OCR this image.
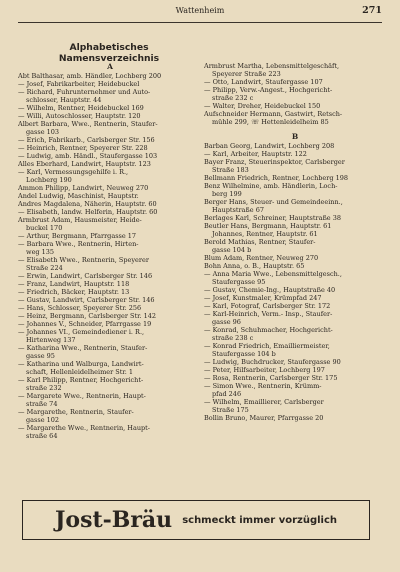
Wattenheim	271
Alphabetisches Namensverzeichnis
A
Abt Balthasar, amb. Händler, Lochberg 200
— Josef, Fabrikarbeiter, Heidebuckel
— Richard, Fuhrunternehmer und Auto-
schlosser, Hauptstr. 44
— Wilhelm, Rentner, Heidebuckel 169
— Willi, Autoschlosser, Hauptstr. 120
Albert Barbara, Wwe., Rentnerin, Staufer-
gasse 103
— Erich, Fabrikarb., Carlsberger Str. 156
— Heinrich, Rentner, Speyerer Str. 228
— Ludwig, amb. Händl., Staufergasse 103
Alles Eberhard, Landwirt, Hauptstr. 123
— Karl, Vermessungsgehilfe i. R.,
Lochberg 190
Ammon Philipp, Landwirt, Neuweg 270
Andel Ludwig, Maschinist, Hauptstr.
Andres Magdalena, Näherin, Hauptstr. 60
— Elisabeth, landw. Helferin, Hauptstr. 60
Armbrust Adam, Hausmeister, Heide-
buckel 170
— Arthur, Bergmann, Pfarrgasse 17
— Barbara Wwe., Rentnerin, Hirten-
weg 135
— Elisabeth Wwe., Rentnerin, Speyerer
Straße 224
— Erwin, Landwirt, Carlsberger Str. 146
— Franz, Landwirt, Hauptstr. 118
— Friedrich, Bäcker, Hauptstr. 13
— Gustav, Landwirt, Carlsberger Str. 146
— Hans, Schlosser, Speyerer Str. 256
— Heinz, Bergmann, Carlsberger Str. 142
— Johannes V., Schneider, Pfarrgasse 19
— Johannes VI., Gemeindediener i. R.,
Hirtenweg 137
— Katharina Wwe., Rentnerin, Staufer-
gasse 95
— Katharina und Walburga, Landwirt-
schaft, Hellenleidelheimer Str. 1
— Karl Philipp, Rentner, Hochgericht-
straße 232
— Margarete Wwe., Rentnerin, Haupt-
straße 74
— Margarethe, Rentnerin, Staufer-
gasse 102
— Margarethe Wwe., Rentnerin, Haupt-
straße 64
Armbrust Martha, Lebensmittelgeschäft,
Speyerer Straße 223
— Otto, Landwirt, Staufergasse 107
— Philipp, Verw.-Angest., Hochgericht-
straße 232 c
— Walter, Dreher, Heidebuckel 150
Aufschneider Hermann, Gastwirt, Retsch-
mühle 299, ☏ Hettenleidelheim 85
B
Barban Georg, Landwirt, Lochberg 208
— Karl, Arbeiter, Hauptstr. 122
Bayer Franz, Steuerinspektor, Carlsberger
Straße 183
Bellmann Friedrich, Rentner, Lochberg 198
Benz Wilhelmine, amb. Händlerin, Loch-
berg 199
Berger Hans, Steuer- und Gemeindeeinn.,
Hauptstraße 67
Berlages Karl, Schreiner, Hauptstraße 38
Beutler Hans, Bergmann, Hauptstr. 61
Johannes, Rentner, Hauptstr. 61
Berold Mathias, Rentner, Staufer-
gasse 104 b
Blum Adam, Rentner, Neuweg 270
Bohn Anna, o. B., Hauptstr. 65
— Anna Maria Wwe., Lebensmittelgesch.,
Staufergasse 95
— Gustav, Chemie-Ing., Hauptstraße 40
— Josef, Kunstmaler, Krümpfad 247
— Karl, Fotograf, Carlsberger Str. 172
— Karl-Heinrich, Verm.- Insp., Staufer-
gasse 96
— Konrad, Schuhmacher, Hochgericht-
straße 238 c
— Konrad Friedrich, Emailliermeister,
Staufergasse 104 b
— Ludwig, Buchdrucker, Staufergasse 90
— Peter, Hilfsarbeiter, Lochberg 197
— Rosa, Rentnerin, Carlsberger Str. 175
— Simon Wwe., Rentnerin, Krümm-
pfad 246
— Wilhelm, Emaillierer, Carlsberger
Straße 175
Bollin Bruno, Maurer, Pfarrgasse 20
Jost-Bräu schmeckt immer vorzüglich
